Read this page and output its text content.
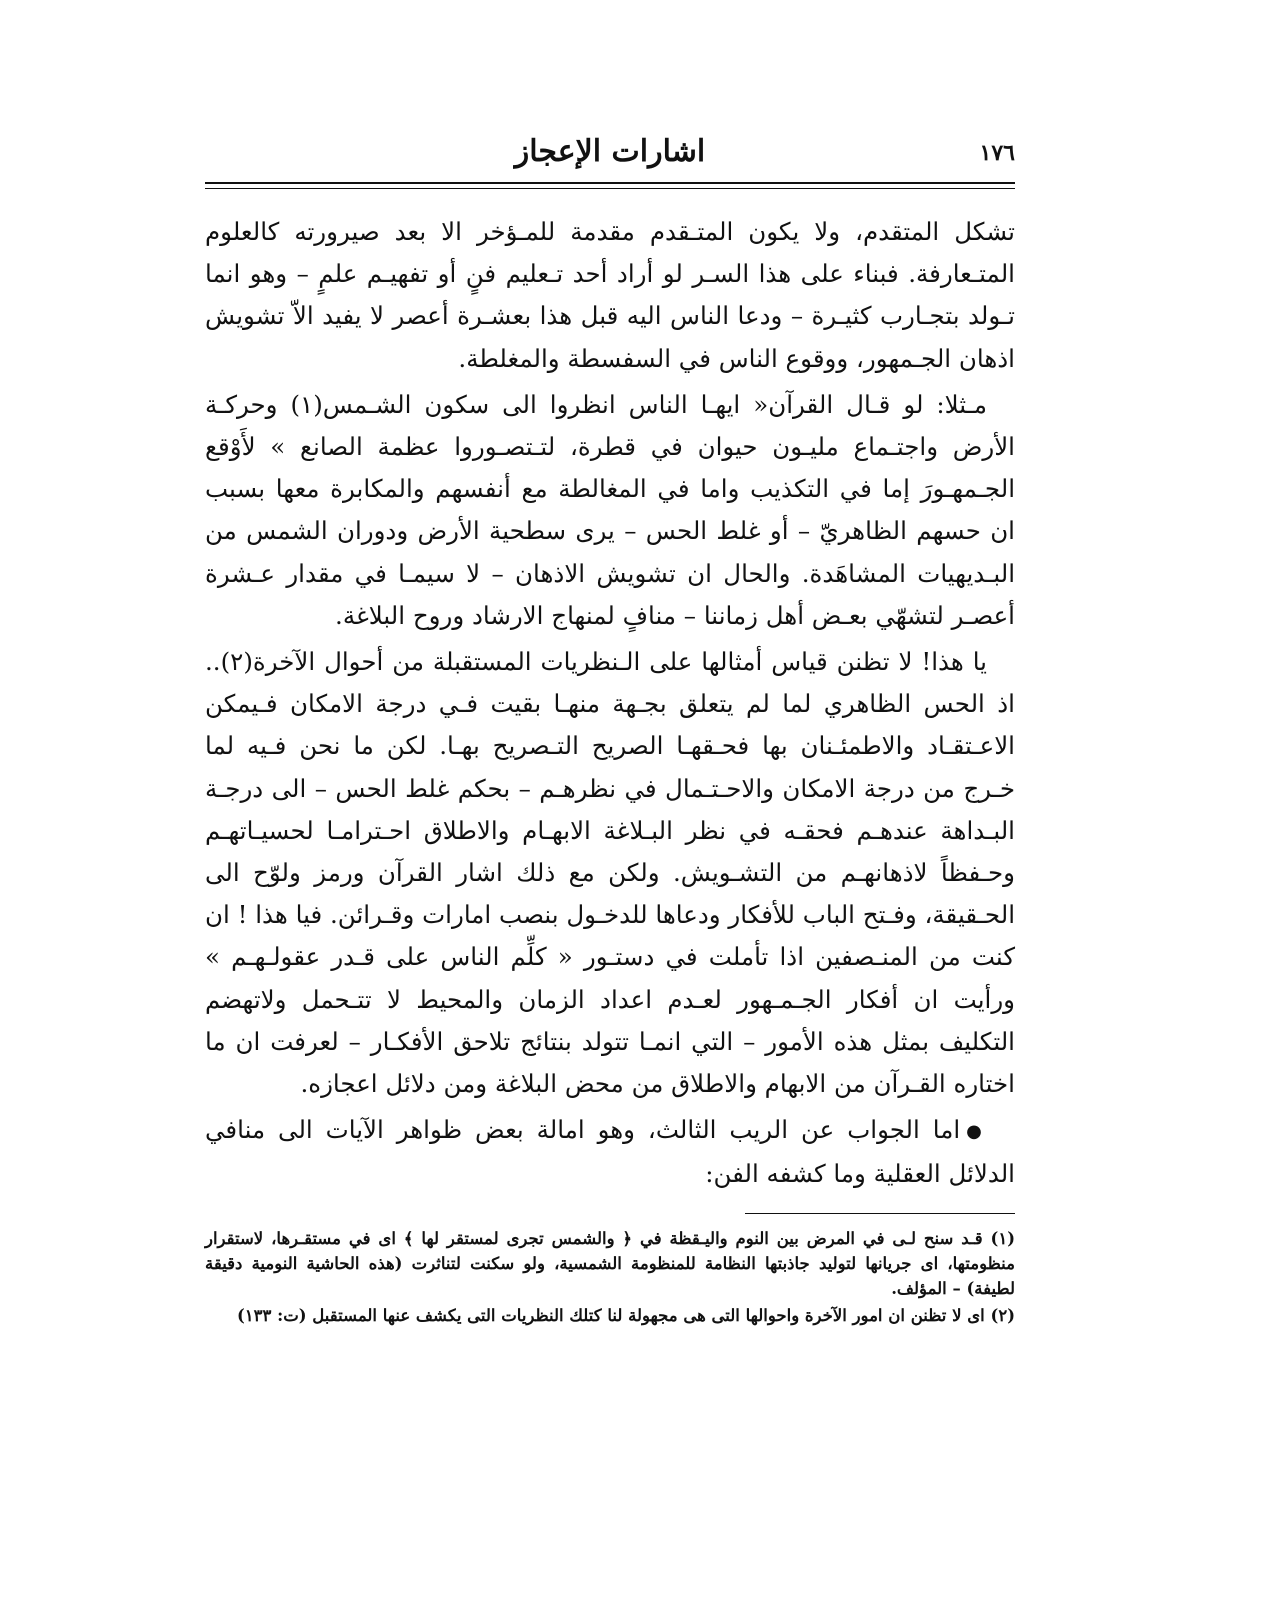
١٧٦
اشارات الإعجاز

تشكل المتقدم، ولا يكون المتـقدم مقدمة للمـؤخر الا بعد صيرورته كالعلوم المتـعارفة. فبناء على هذا السـر لو أراد أحد تـعليم فنٍ أو تفهيـم علمٍ – وهو انما تـولد بتجـارب كثيـرة – ودعا الناس اليه قبل هذا بعشـرة أعصر لا يفيد الاّ تشويش اذهان الجـمهور، ووقوع الناس في السفسطة والمغلطة.

مـثلا: لو قـال القرآن« ايهـا الناس انظروا الى سكون الشـمس(١) وحركـة الأرض واجتـماع مليـون حيوان في قطرة، لتـتصـوروا عظمة الصانع » لأَوْقع الجـمهـورَ إما في التكذيب واما في المغالطة مع أنفسهم والمكابرة معها بسبب ان حسهم الظاهريّ – أو غلط الحس – يرى سطحية الأرض ودوران الشمس من البـديهيات المشاهَدة. والحال ان تشويش الاذهان – لا سيمـا في مقدار عـشرة أعصـر لتشهّي بعـض أهل زماننا – منافٍ لمنهاج الارشاد وروح البلاغة.

يا هذا! لا تظنن قياس أمثالها على الـنظريات المستقبلة من أحوال الآخرة(٢).. اذ الحس الظاهري لما لم يتعلق بجـهة منهـا بقيت فـي درجة الامكان فـيمكن الاعـتقـاد والاطمئـنان بها فحـقهـا الصريح التـصريح بهـا. لكن ما نحن فـيه لما خـرج من درجة الامكان والاحـتـمال في نظرهـم – بحكم غلط الحس – الى درجـة البـداهة عندهـم فحقـه في نظر البـلاغة الابهـام والاطلاق احـترامـا لحسيـاتهـم وحـفظاً لاذهانهـم من التشـويش. ولكن مع ذلك اشار القرآن ورمز ولوّح الى الحـقيقة، وفـتح الباب للأفكار ودعاها للدخـول بنصب امارات وقـرائن. فيا هذا ! ان كنت من المنـصفين اذا تأملت في دستـور « كلِّم الناس على قـدر عقولـهـم » ورأيت ان أفكار الجـمـهور لعـدم اعداد الزمان والمحيط لا تتـحمل ولاتهضم التكليف بمثل هذه الأمور – التي انمـا تتولد بنتائج تلاحق الأفكـار – لعرفت ان ما اختاره القـرآن من الابهام والاطلاق من محض البلاغة ومن دلائل اعجازه.

●اما الجواب عن الريب الثالث، وهو امالة بعض ظواهر الآيات الى منافي الدلائل العقلية وما كشفه الفن:

(١) قـد سنح لـى في المرض بين النوم واليـقظة في ﴿ والشمس تجرى لمستقر لها ﴾ اى في مستقـرها، لاستقرار منظومتها، اى جريانها لتوليد جاذبتها النظامة للمنظومة الشمسية، ولو سكنت لتناثرت (هذه الحاشية النومية دقيقة لطيفة) – المؤلف.

(٢) اى لا تظنن ان امور الآخرة واحوالها التى هى مجهولة لنا كتلك النظريات التى يكشف عنها المستقبل (ت: ١٣٣)
